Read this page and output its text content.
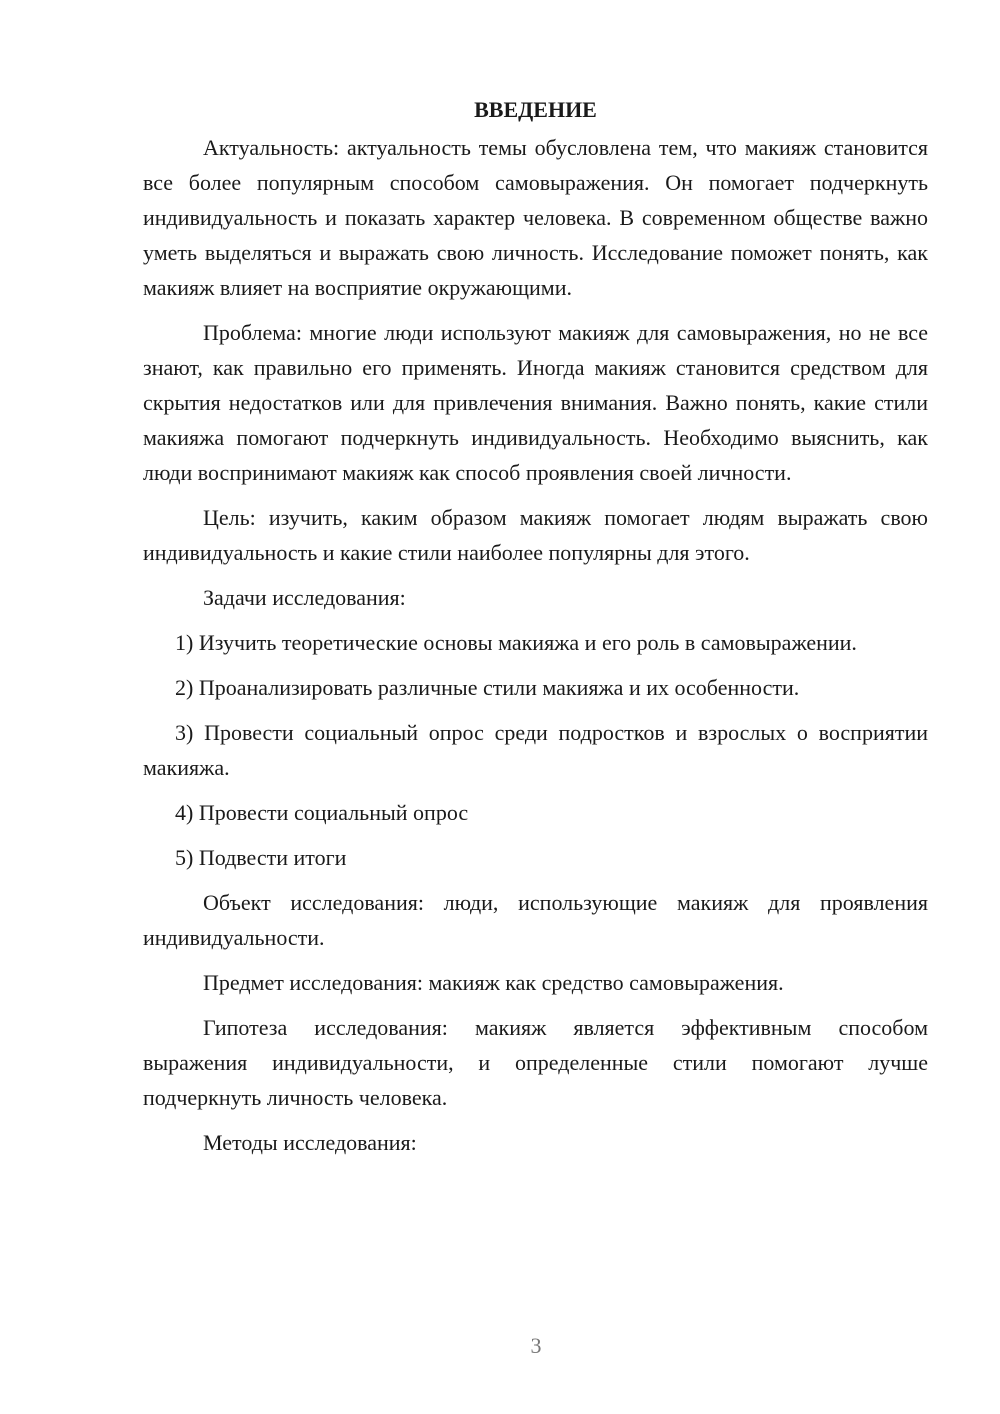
ВВЕДЕНИЕ

Актуальность: актуальность темы обусловлена тем, что макияж становится все более популярным способом самовыражения. Он помогает подчеркнуть индивидуальность и показать характер человека. В современном обществе важно уметь выделяться и выражать свою личность. Исследование поможет понять, как макияж влияет на восприятие окружающими.

Проблема: многие люди используют макияж для самовыражения, но не все знают, как правильно его применять. Иногда макияж становится средством для скрытия недостатков или для привлечения внимания. Важно понять, какие стили макияжа помогают подчеркнуть индивидуальность. Необходимо выяснить, как люди воспринимают макияж как способ проявления своей личности.

Цель: изучить, каким образом макияж помогает людям выражать свою индивидуальность и какие стили наиболее популярны для этого.

Задачи исследования:

1) Изучить теоретические основы макияжа и его роль в самовыражении.

2) Проанализировать различные стили макияжа и их особенности.

3) Провести социальный опрос среди подростков и взрослых о восприятии макияжа.

4) Провести социальный опрос

5) Подвести итоги

Объект исследования: люди, использующие макияж для проявления индивидуальности.

Предмет исследования: макияж как средство самовыражения.

Гипотеза исследования: макияж является эффективным способом выражения индивидуальности, и определенные стили помогают лучше подчеркнуть личность человека.

Методы исследования:

3
